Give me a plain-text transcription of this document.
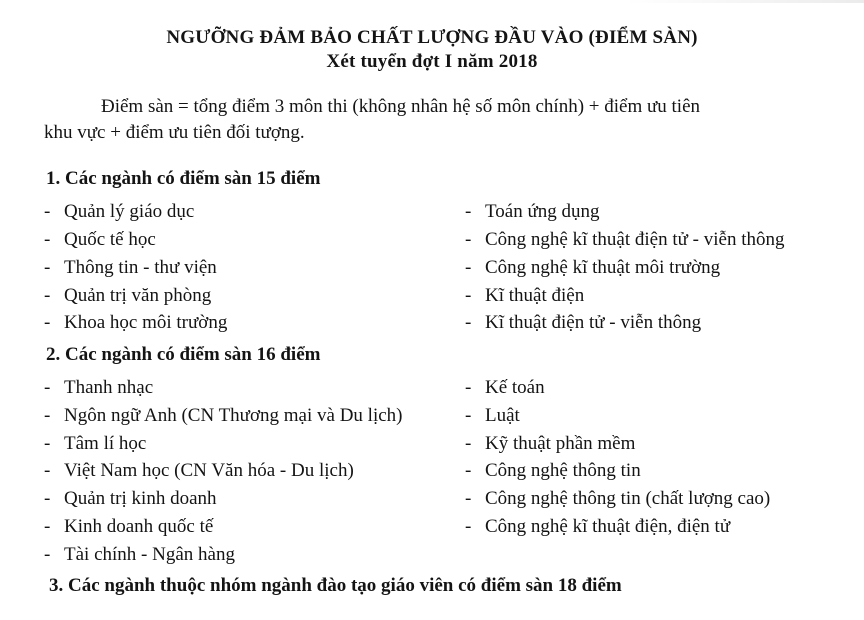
NGƯỠNG ĐẢM BẢO CHẤT LƯỢNG ĐẦU VÀO (ĐIỂM SÀN)
Xét tuyển đợt I năm 2018
Điểm sàn = tổng điểm 3 môn thi (không nhân hệ số môn chính) + điểm ưu tiên
khu vực + điểm ưu tiên đối tượng.
1. Các ngành có điểm sàn 15 điểm
- Quản lý giáo dục
- Quốc tế học
- Thông tin - thư viện
- Quản trị văn phòng
- Khoa học môi trường
- Toán ứng dụng
- Công nghệ kĩ thuật điện tử - viễn thông
- Công nghệ kĩ thuật môi trường
- Kĩ thuật điện
- Kĩ thuật điện tử - viễn thông
2. Các ngành có điểm sàn 16 điểm
- Thanh nhạc
- Ngôn ngữ Anh (CN Thương mại và Du lịch)
- Tâm lí học
- Việt Nam học (CN Văn hóa - Du lịch)
- Quản trị kinh doanh
- Kinh doanh quốc tế
- Tài chính - Ngân hàng
- Kế toán
- Luật
- Kỹ thuật phần mềm
- Công nghệ thông tin
- Công nghệ thông tin (chất lượng cao)
- Công nghệ kĩ thuật điện, điện tử
3. Các ngành thuộc nhóm ngành đào tạo giáo viên có điểm sàn 18 điểm
